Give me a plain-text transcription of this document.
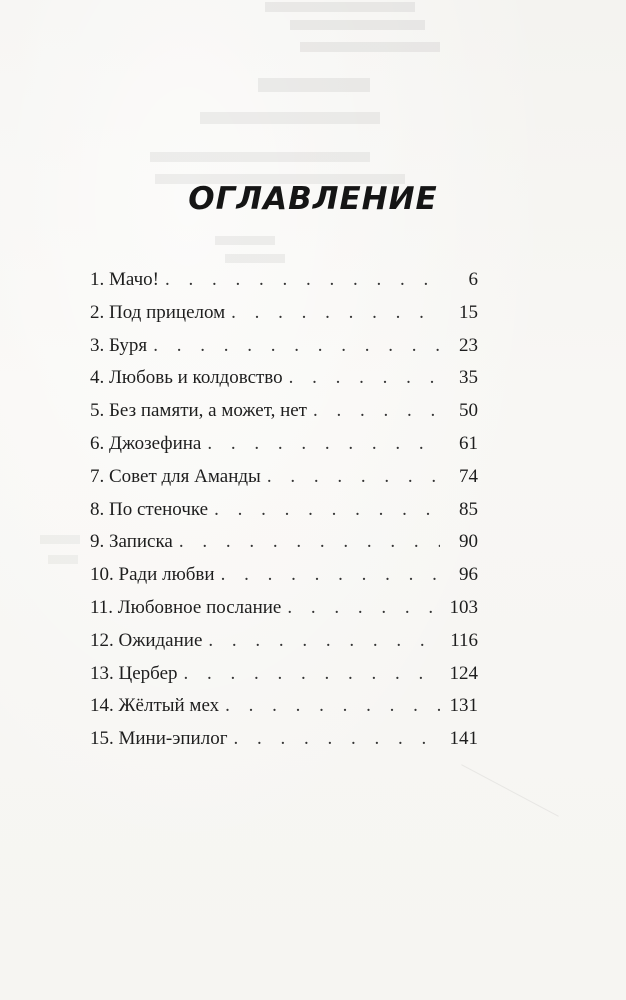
ОГЛАВЛЕНИЕ
1. Мачо! . . .	6
2. Под прицелом . . .	15
3. Буря . . .	23
4. Любовь и колдовство . . .	35
5. Без памяти, а может, нет . . .	50
6. Джозефина . . .	61
7. Совет для Аманды . . .	74
8. По стеночке . . .	85
9. Записка . . .	90
10. Ради любви . . .	96
11. Любовное послание . . .	103
12. Ожидание . . .	116
13. Цербер . . .	124
14. Жёлтый мех . . .	131
15. Мини-эпилог . . .	141
